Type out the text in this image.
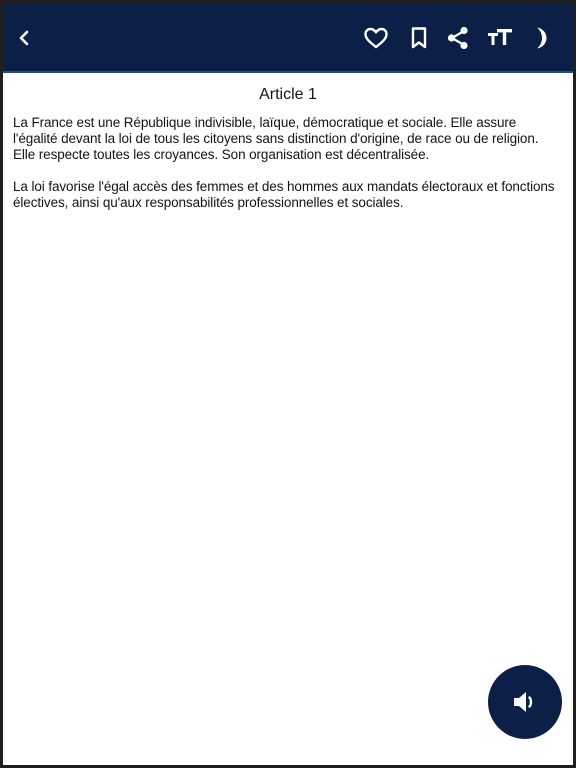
Article 1

La France est une République indivisible, laïque, démocratique et sociale. Elle assure l'égalité devant la loi de tous les citoyens sans distinction d'origine, de race ou de religion. Elle respecte toutes les croyances. Son organisation est décentralisée.

La loi favorise l'égal accès des femmes et des hommes aux mandats électoraux et fonctions électives, ainsi qu'aux responsabilités professionnelles et sociales.
